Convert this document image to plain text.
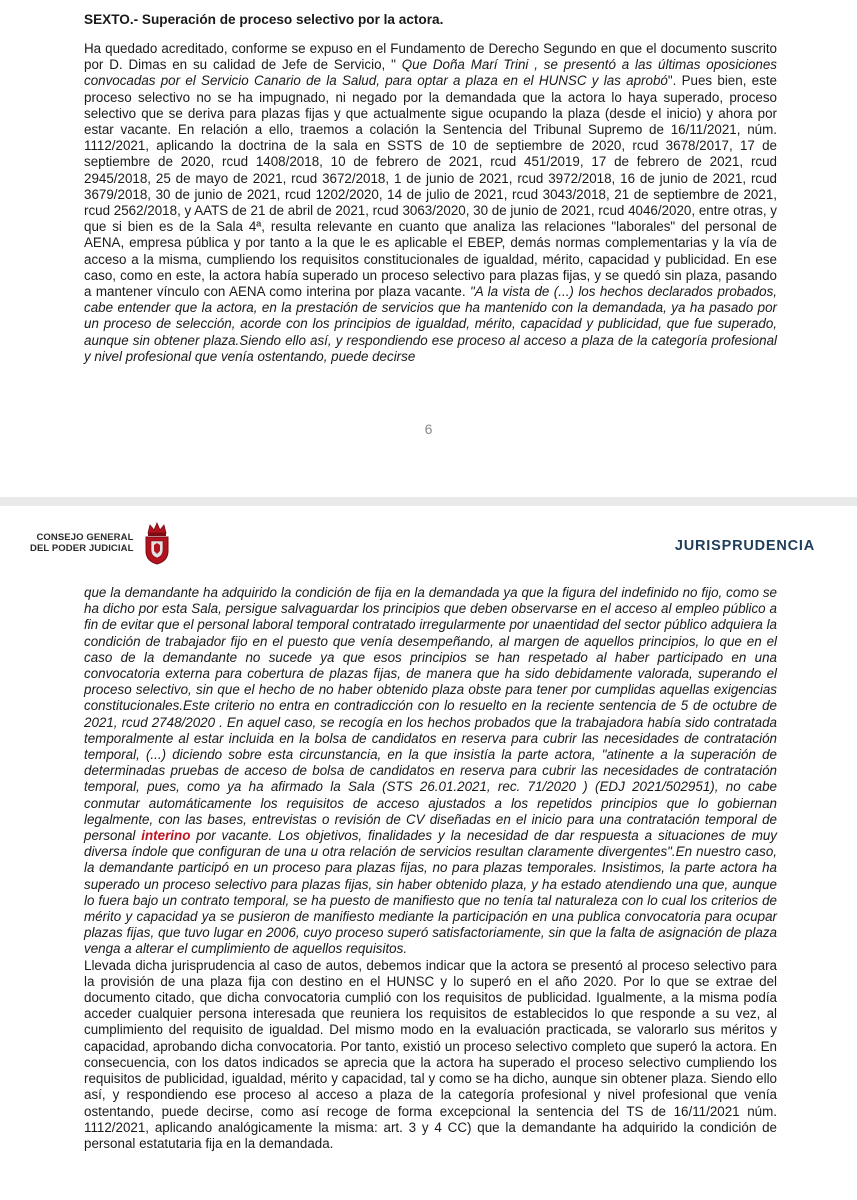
SEXTO.- Superación de proceso selectivo por la actora.

Ha quedado acreditado, conforme se expuso en el Fundamento de Derecho Segundo en que el documento suscrito por D. Dimas en su calidad de Jefe de Servicio, " Que Doña Marí Trini , se presentó a las últimas oposiciones convocadas por el Servicio Canario de la Salud, para optar a plaza en el HUNSC y las aprobó". Pues bien, este proceso selectivo no se ha impugnado, ni negado por la demandada que la actora lo haya superado, proceso selectivo que se deriva para plazas fijas y que actualmente sigue ocupando la plaza (desde el inicio) y ahora por estar vacante. En relación a ello, traemos a colación la Sentencia del Tribunal Supremo de 16/11/2021, núm. 1112/2021, aplicando la doctrina de la sala en SSTS de 10 de septiembre de 2020, rcud 3678/2017, 17 de septiembre de 2020, rcud 1408/2018, 10 de febrero de 2021, rcud 451/2019, 17 de febrero de 2021, rcud 2945/2018, 25 de mayo de 2021, rcud 3672/2018, 1 de junio de 2021, rcud 3972/2018, 16 de junio de 2021, rcud 3679/2018, 30 de junio de 2021, rcud 1202/2020, 14 de julio de 2021, rcud 3043/2018, 21 de septiembre de 2021, rcud 2562/2018, y AATS de 21 de abril de 2021, rcud 3063/2020, 30 de junio de 2021, rcud 4046/2020, entre otras, y que si bien es de la Sala 4ª, resulta relevante en cuanto que analiza las relaciones "laborales" del personal de AENA, empresa pública y por tanto a la que le es aplicable el EBEP, demás normas complementarias y la vía de acceso a la misma, cumpliendo los requisitos constitucionales de igualdad, mérito, capacidad y publicidad. En ese caso, como en este, la actora había superado un proceso selectivo para plazas fijas, y se quedó sin plaza, pasando a mantener vínculo con AENA como interina por plaza vacante. "A la vista de (...) los hechos declarados probados, cabe entender que la actora, en la prestación de servicios que ha mantenido con la demandada, ya ha pasado por un proceso de selección, acorde con los principios de igualdad, mérito, capacidad y publicidad, que fue superado, aunque sin obtener plaza.Siendo ello así, y respondiendo ese proceso al acceso a plaza de la categoría profesional y nivel profesional que venía ostentando, puede decirse

6
CONSEJO GENERAL
DEL PODER JUDICIAL	JURISPRUDENCIA

que la demandante ha adquirido la condición de fija en la demandada ya que la figura del indefinido no fijo, como se ha dicho por esta Sala, persigue salvaguardar los principios que deben observarse en el acceso al empleo público a fin de evitar que el personal laboral temporal contratado irregularmente por unaentidad del sector público adquiera la condición de trabajador fijo en el puesto que venía desempeñando, al margen de aquellos principios, lo que en el caso de la demandante no sucede ya que esos principios se han respetado al haber participado en una convocatoria externa para cobertura de plazas fijas, de manera que ha sido debidamente valorada, superando el proceso selectivo, sin que el hecho de no haber obtenido plaza obste para tener por cumplidas aquellas exigencias constitucionales.Este criterio no entra en contradicción con lo resuelto en la reciente sentencia de 5 de octubre de 2021, rcud 2748/2020 . En aquel caso, se recogía en los hechos probados que la trabajadora había sido contratada temporalmente al estar incluida en la bolsa de candidatos en reserva para cubrir las necesidades de contratación temporal, (...) diciendo sobre esta circunstancia, en la que insistía la parte actora, "atinente a la superación de determinadas pruebas de acceso de bolsa de candidatos en reserva para cubrir las necesidades de contratación temporal, pues, como ya ha afirmado la Sala (STS 26.01.2021, rec. 71/2020 ) (EDJ 2021/502951), no cabe conmutar automáticamente los requisitos de acceso ajustados a los repetidos principios que lo gobiernan legalmente, con las bases, entrevistas o revisión de CV diseñadas en el inicio para una contratación temporal de personal interino por vacante. Los objetivos, finalidades y la necesidad de dar respuesta a situaciones de muy diversa índole que configuran de una u otra relación de servicios resultan claramente divergentes".En nuestro caso, la demandante participó en un proceso para plazas fijas, no para plazas temporales. Insistimos, la parte actora ha superado un proceso selectivo para plazas fijas, sin haber obtenido plaza, y ha estado atendiendo una que, aunque lo fuera bajo un contrato temporal, se ha puesto de manifiesto que no tenía tal naturaleza con lo cual los criterios de mérito y capacidad ya se pusieron de manifiesto mediante la participación en una publica convocatoria para ocupar plazas fijas, que tuvo lugar en 2006, cuyo proceso superó satisfactoriamente, sin que la falta de asignación de plaza venga a alterar el cumplimiento de aquellos requisitos.

Llevada dicha jurisprudencia al caso de autos, debemos indicar que la actora se presentó al proceso selectivo para la provisión de una plaza fija con destino en el HUNSC y lo superó en el año 2020. Por lo que se extrae del documento citado, que dicha convocatoria cumplió con los requisitos de publicidad. Igualmente, a la misma podía acceder cualquier persona interesada que reuniera los requisitos de establecidos lo que responde a su vez, al cumplimiento del requisito de igualdad. Del mismo modo en la evaluación practicada, se valorarlo sus méritos y capacidad, aprobando dicha convocatoria. Por tanto, existió un proceso selectivo completo que superó la actora. En consecuencia, con los datos indicados se aprecia que la actora ha superado el proceso selectivo cumpliendo los requisitos de publicidad, igualdad, mérito y capacidad, tal y como se ha dicho, aunque sin obtener plaza. Siendo ello así, y respondiendo ese proceso al acceso a plaza de la categoría profesional y nivel profesional que venía ostentando, puede decirse, como así recoge de forma excepcional la sentencia del TS de 16/11/2021 núm. 1112/2021, aplicando analógicamente la misma: art. 3 y 4 CC) que la demandante ha adquirido la condición de personal estatutaria fija en la demandada.
